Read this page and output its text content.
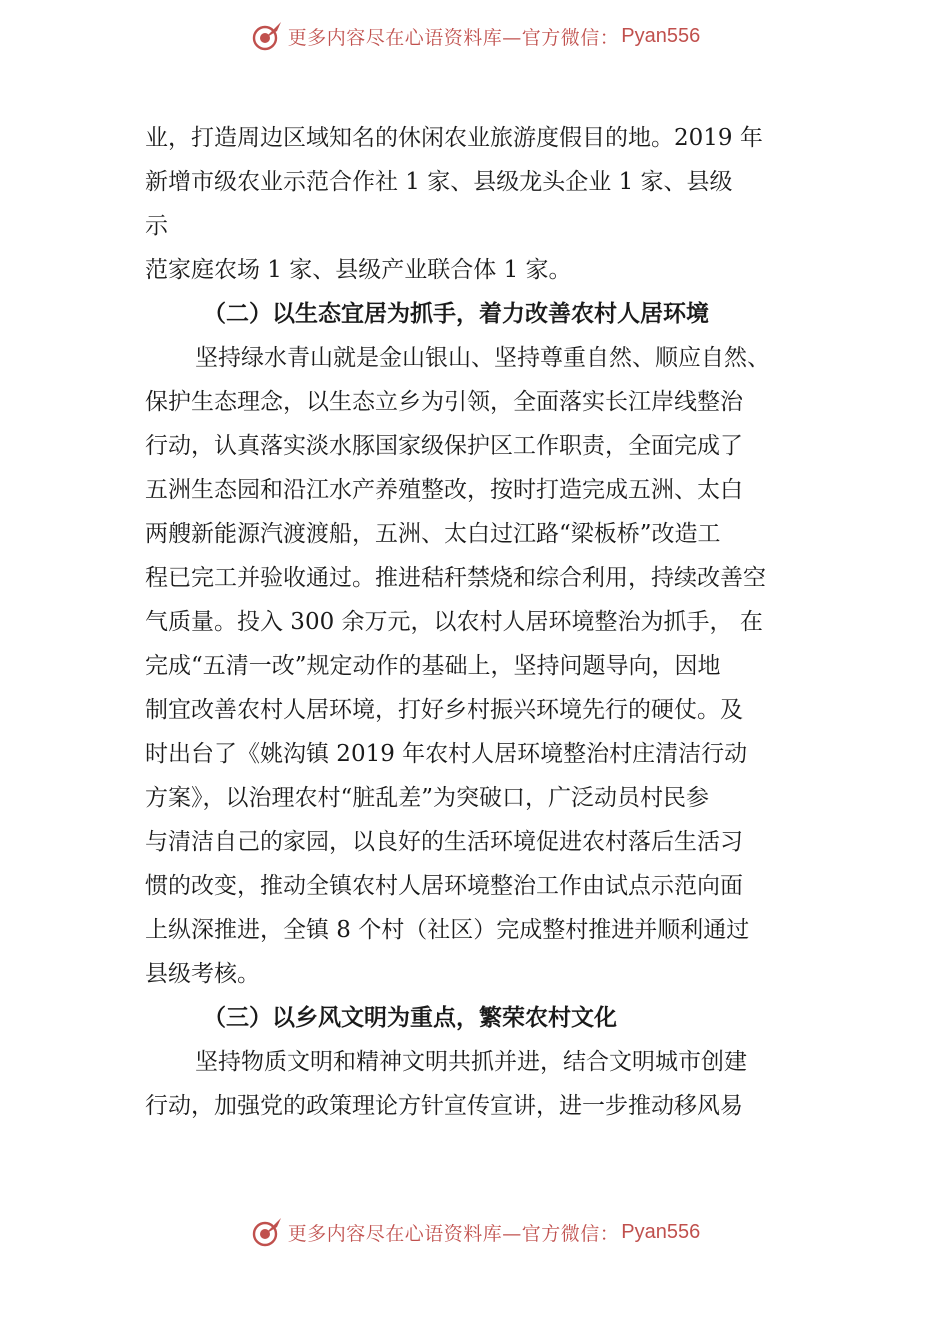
更多内容尽在心语资料库—官方微信： Pyan556
业，打造周边区域知名的休闲农业旅游度假目的地。2019 年
新增市级农业示范合作社 1 家、县级龙头企业 1 家、县级
示
范家庭农场 1 家、县级产业联合体 1 家。
（二）以生态宜居为抓手，着力改善农村人居环境
坚持绿水青山就是金山银山、坚持尊重自然、顺应自然、
保护生态理念，以生态立乡为引领，全面落实长江岸线整治
行动，认真落实淡水豚国家级保护区工作职责，全面完成了
五洲生态园和沿江水产养殖整改，按时打造完成五洲、太白
两艘新能源汽渡渡船，五洲、太白过江路“梁板桥”改造工
程已完工并验收通过。推进秸秆禁烧和综合利用，持续改善空
气质量。投入 300 余万元，以农村人居环境整治为抓手， 在
完成“五清一改”规定动作的基础上，坚持问题导向，因地
制宜改善农村人居环境，打好乡村振兴环境先行的硬仗。及
时出台了《姚沟镇 2019 年农村人居环境整治村庄清洁行动
方案》，以治理农村“脏乱差”为突破口，广泛动员村民参
与清洁自己的家园，以良好的生活环境促进农村落后生活习
惯的改变，推动全镇农村人居环境整治工作由试点示范向面
上纵深推进，全镇 8 个村（社区）完成整村推进并顺利通过
县级考核。
（三）以乡风文明为重点，繁荣农村文化
坚持物质文明和精神文明共抓并进，结合文明城市创建
行动，加强党的政策理论方针宣传宣讲，进一步推动移风易
更多内容尽在心语资料库—官方微信： Pyan556
